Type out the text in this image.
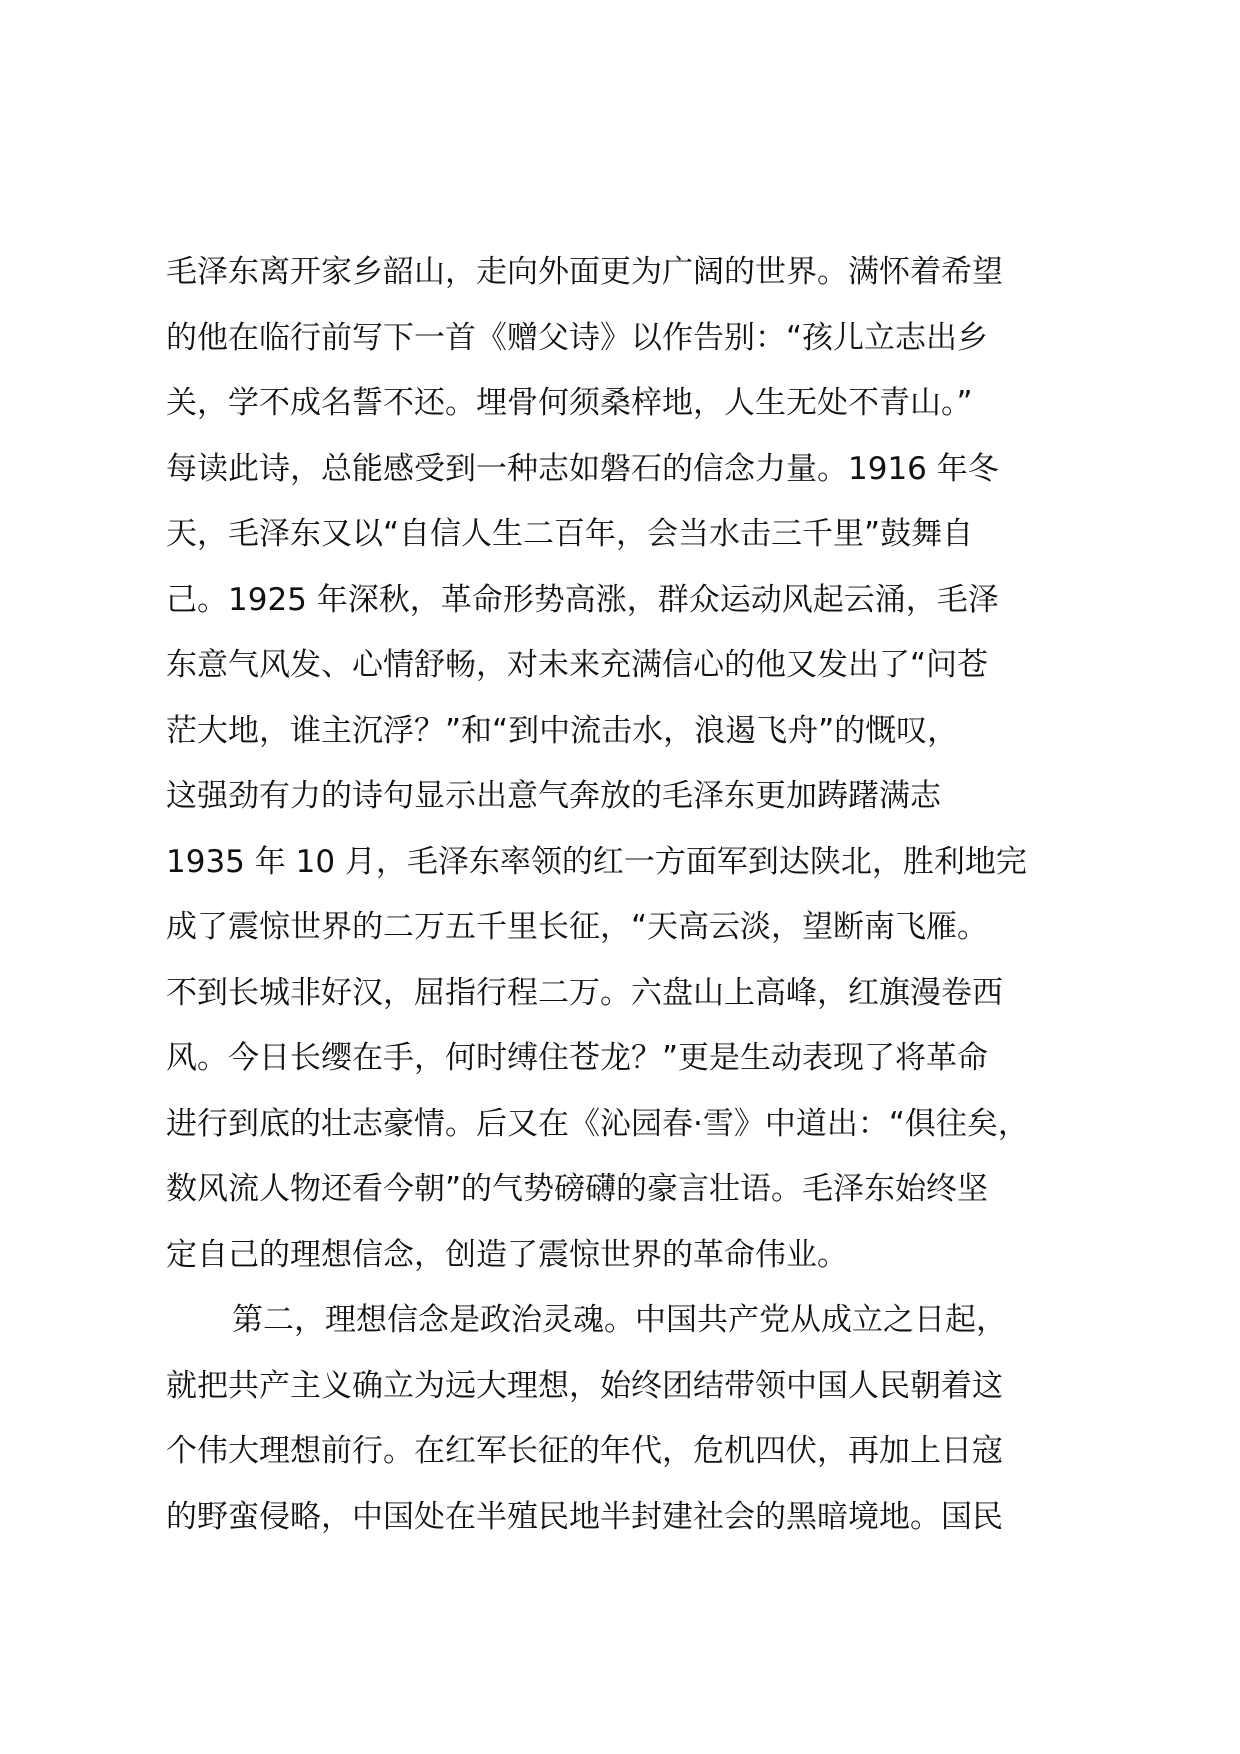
毛泽东离开家乡韶山，走向外面更为广阔的世界。满怀着希望
的他在临行前写下一首《赠父诗》以作告别：“孩儿立志出乡
关，学不成名誓不还。埋骨何须桑梓地，人生无处不青山。”
每读此诗，总能感受到一种志如磐石的信念力量。1916 年冬
天，毛泽东又以“自信人生二百年，会当水击三千里”鼓舞自
己。1925 年深秋，革命形势高涨，群众运动风起云涌，毛泽
东意气风发、心情舒畅，对未来充满信心的他又发出了“问苍
茫大地，谁主沉浮？”和“到中流击水，浪遏飞舟”的慨叹，
这强劲有力的诗句显示出意气奔放的毛泽东更加踌躇满志
1935 年 10 月，毛泽东率领的红一方面军到达陕北，胜利地完
成了震惊世界的二万五千里长征，“天高云淡，望断南飞雁。
不到长城非好汉，屈指行程二万。六盘山上高峰，红旗漫卷西
风。今日长缨在手，何时缚住苍龙？”更是生动表现了将革命
进行到底的壮志豪情。后又在《沁园春·雪》中道出：“俱往矣，
数风流人物还看今朝”的气势磅礴的豪言壮语。毛泽东始终坚
定自己的理想信念，创造了震惊世界的革命伟业。
第二，理想信念是政治灵魂。中国共产党从成立之日起，
就把共产主义确立为远大理想，始终团结带领中国人民朝着这
个伟大理想前行。在红军长征的年代，危机四伏，再加上日寇
的野蛮侵略，中国处在半殖民地半封建社会的黑暗境地。国民
